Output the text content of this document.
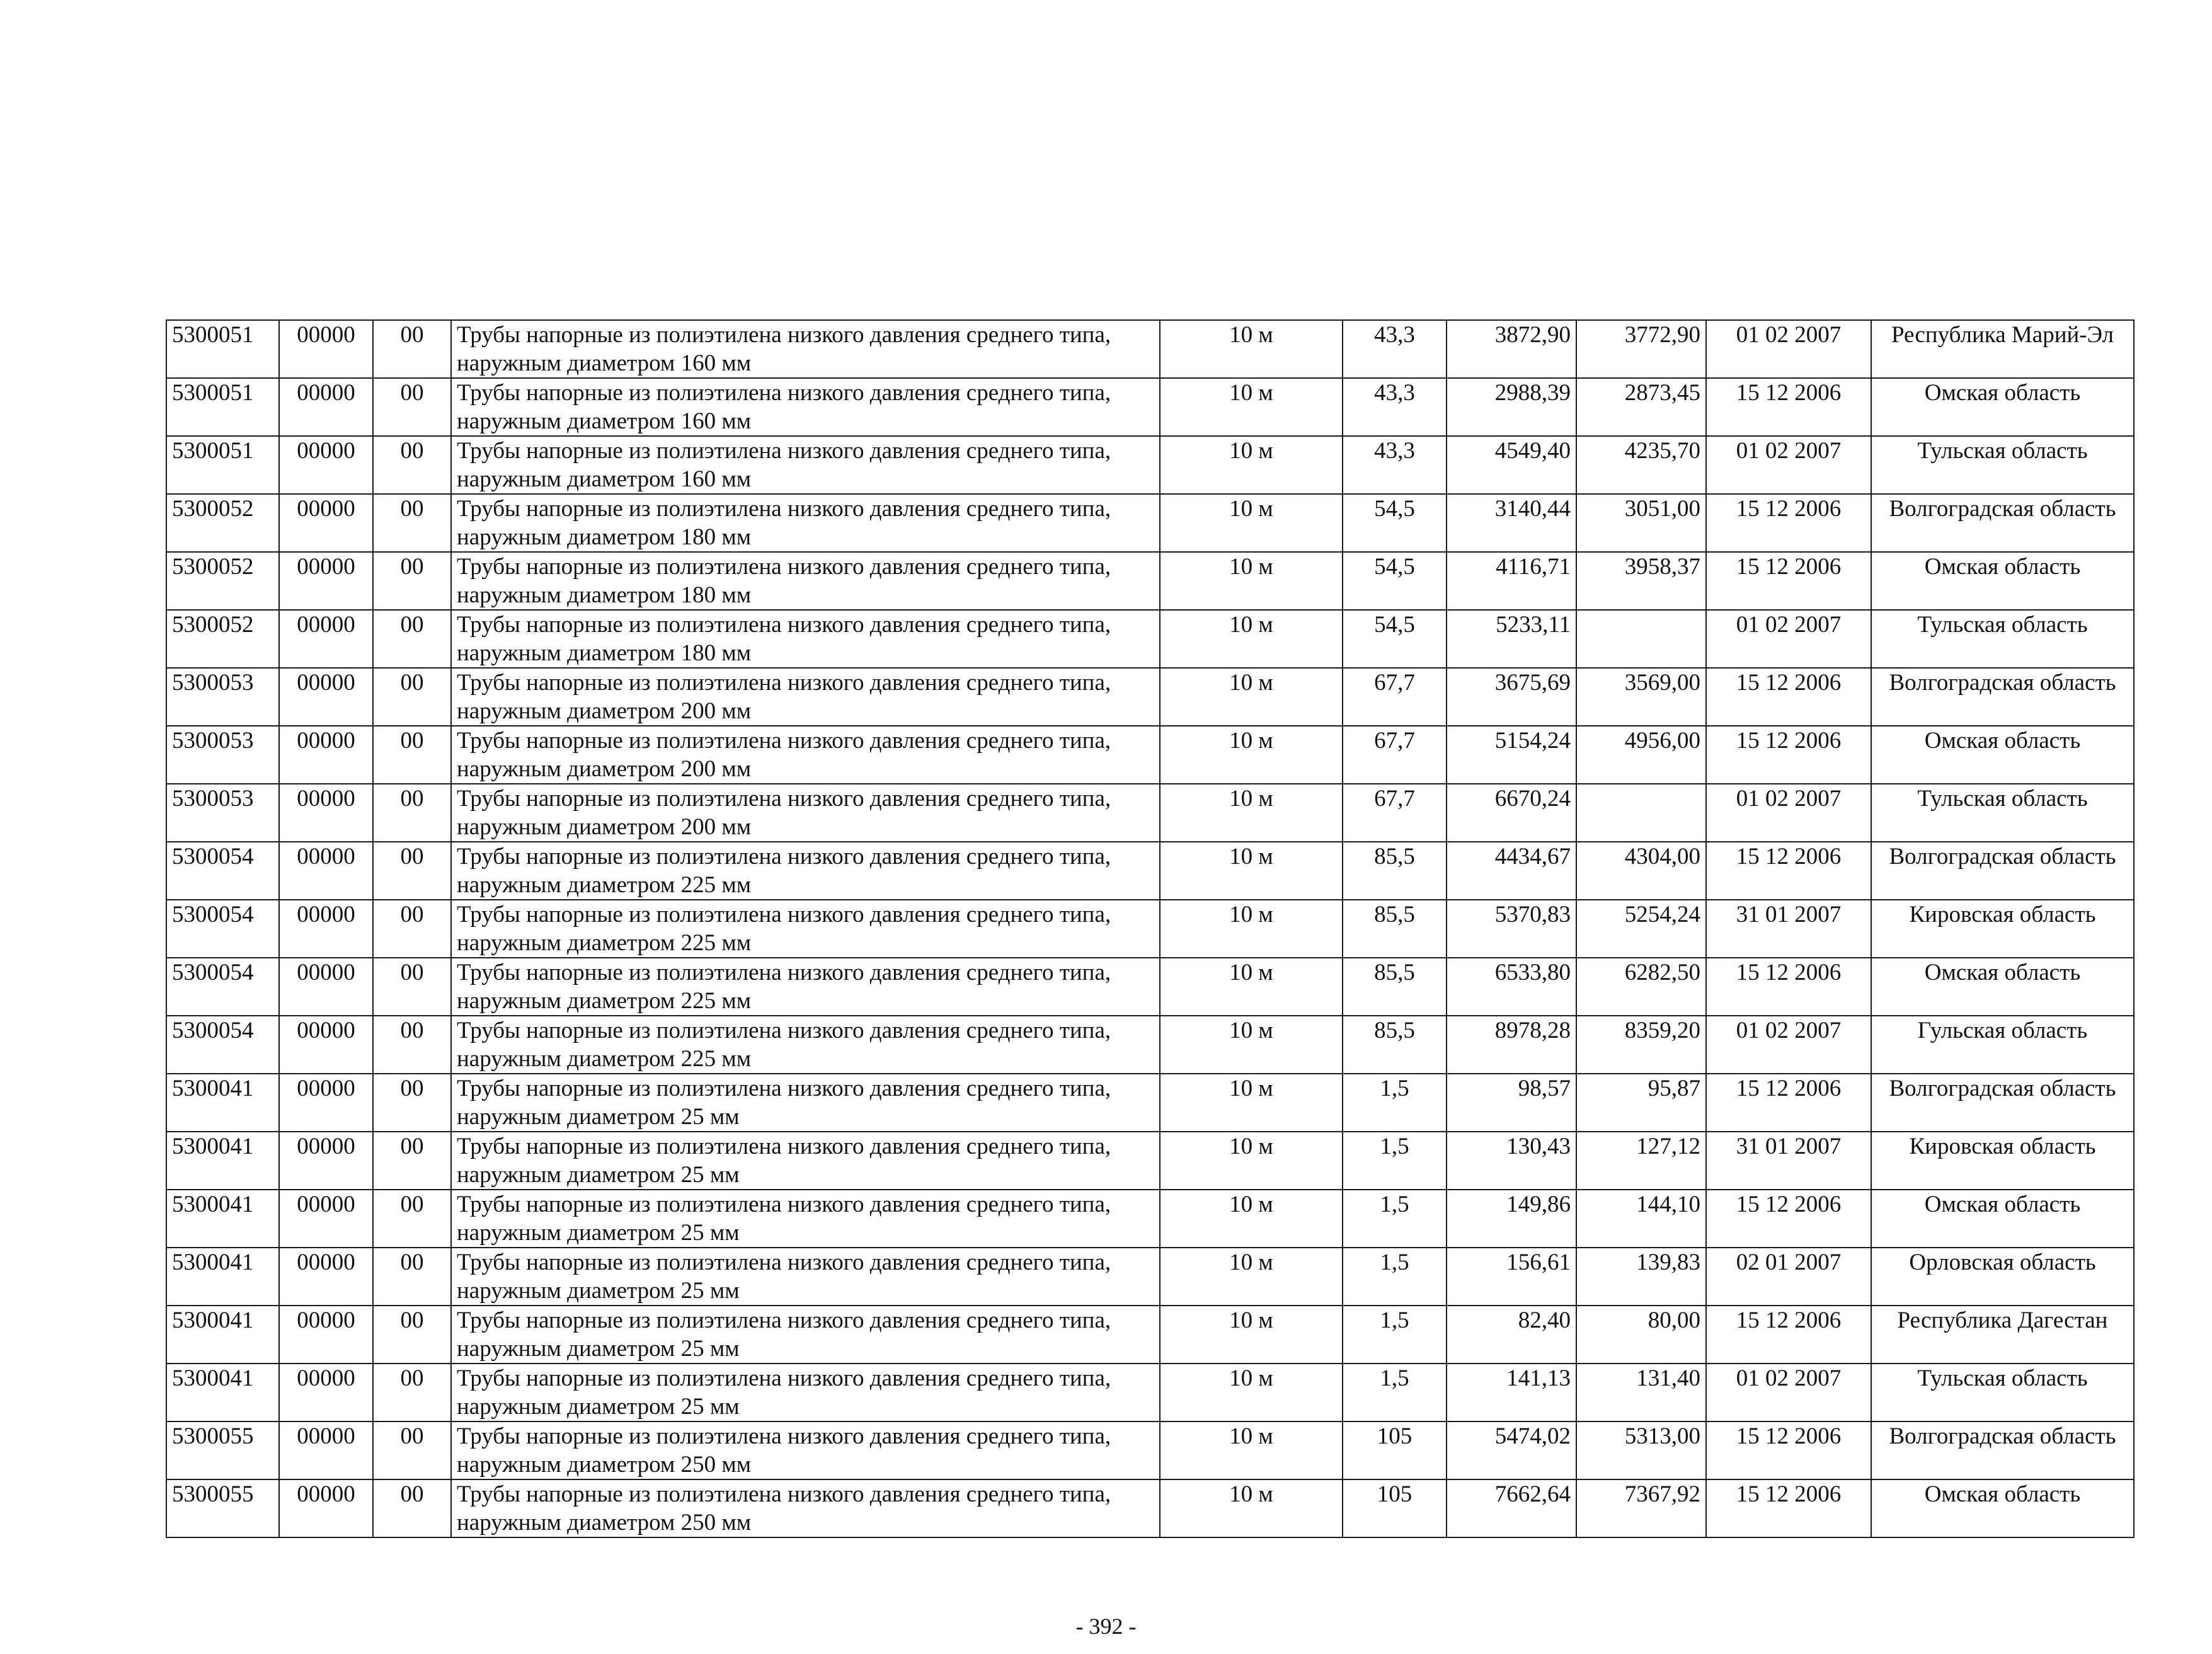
5300051	00000	00	Трубы напорные из полиэтилена низкого давления среднего типа, наружным диаметром 160 мм	10 м	43,3	3872,90	3772,90	01 02 2007	Республика Марий-Эл
5300051	00000	00	Трубы напорные из полиэтилена низкого давления среднего типа, наружным диаметром 160 мм	10 м	43,3	2988,39	2873,45	15 12 2006	Омская область
5300051	00000	00	Трубы напорные из полиэтилена низкого давления среднего типа, наружным диаметром 160 мм	10 м	43,3	4549,40	4235,70	01 02 2007	Тульская область
5300052	00000	00	Трубы напорные из полиэтилена низкого давления среднего типа, наружным диаметром 180 мм	10 м	54,5	3140,44	3051,00	15 12 2006	Волгоградская область
5300052	00000	00	Трубы напорные из полиэтилена низкого давления среднего типа, наружным диаметром 180 мм	10 м	54,5	4116,71	3958,37	15 12 2006	Омская область
5300052	00000	00	Трубы напорные из полиэтилена низкого давления среднего типа, наружным диаметром 180 мм	10 м	54,5	5233,11		01 02 2007	Тульская область
5300053	00000	00	Трубы напорные из полиэтилена низкого давления среднего типа, наружным диаметром 200 мм	10 м	67,7	3675,69	3569,00	15 12 2006	Волгоградская область
5300053	00000	00	Трубы напорные из полиэтилена низкого давления среднего типа, наружным диаметром 200 мм	10 м	67,7	5154,24	4956,00	15 12 2006	Омская область
5300053	00000	00	Трубы напорные из полиэтилена низкого давления среднего типа, наружным диаметром 200 мм	10 м	67,7	6670,24		01 02 2007	Тульская область
5300054	00000	00	Трубы напорные из полиэтилена низкого давления среднего типа, наружным диаметром 225 мм	10 м	85,5	4434,67	4304,00	15 12 2006	Волгоградская область
5300054	00000	00	Трубы напорные из полиэтилена низкого давления среднего типа, наружным диаметром 225 мм	10 м	85,5	5370,83	5254,24	31 01 2007	Кировская область
5300054	00000	00	Трубы напорные из полиэтилена низкого давления среднего типа, наружным диаметром 225 мм	10 м	85,5	6533,80	6282,50	15 12 2006	Омская область
5300054	00000	00	Трубы напорные из полиэтилена низкого давления среднего типа, наружным диаметром 225 мм	10 м	85,5	8978,28	8359,20	01 02 2007	Гульская область
5300041	00000	00	Трубы напорные из полиэтилена низкого давления среднего типа, наружным диаметром 25 мм	10 м	1,5	98,57	95,87	15 12 2006	Волгоградская область
5300041	00000	00	Трубы напорные из полиэтилена низкого давления среднего типа, наружным диаметром 25 мм	10 м	1,5	130,43	127,12	31 01 2007	Кировская область
5300041	00000	00	Трубы напорные из полиэтилена низкого давления среднего типа, наружным диаметром 25 мм	10 м	1,5	149,86	144,10	15 12 2006	Омская область
5300041	00000	00	Трубы напорные из полиэтилена низкого давления среднего типа, наружным диаметром 25 мм	10 м	1,5	156,61	139,83	02 01 2007	Орловская область
5300041	00000	00	Трубы напорные из полиэтилена низкого давления среднего типа, наружным диаметром 25 мм	10 м	1,5	82,40	80,00	15 12 2006	Республика Дагестан
5300041	00000	00	Трубы напорные из полиэтилена низкого давления среднего типа, наружным диаметром 25 мм	10 м	1,5	141,13	131,40	01 02 2007	Тульская область
5300055	00000	00	Трубы напорные из полиэтилена низкого давления среднего типа, наружным диаметром 250 мм	10 м	105	5474,02	5313,00	15 12 2006	Волгоградская область
5300055	00000	00	Трубы напорные из полиэтилена низкого давления среднего типа, наружным диаметром 250 мм	10 м	105	7662,64	7367,92	15 12 2006	Омская область
- 392 -
